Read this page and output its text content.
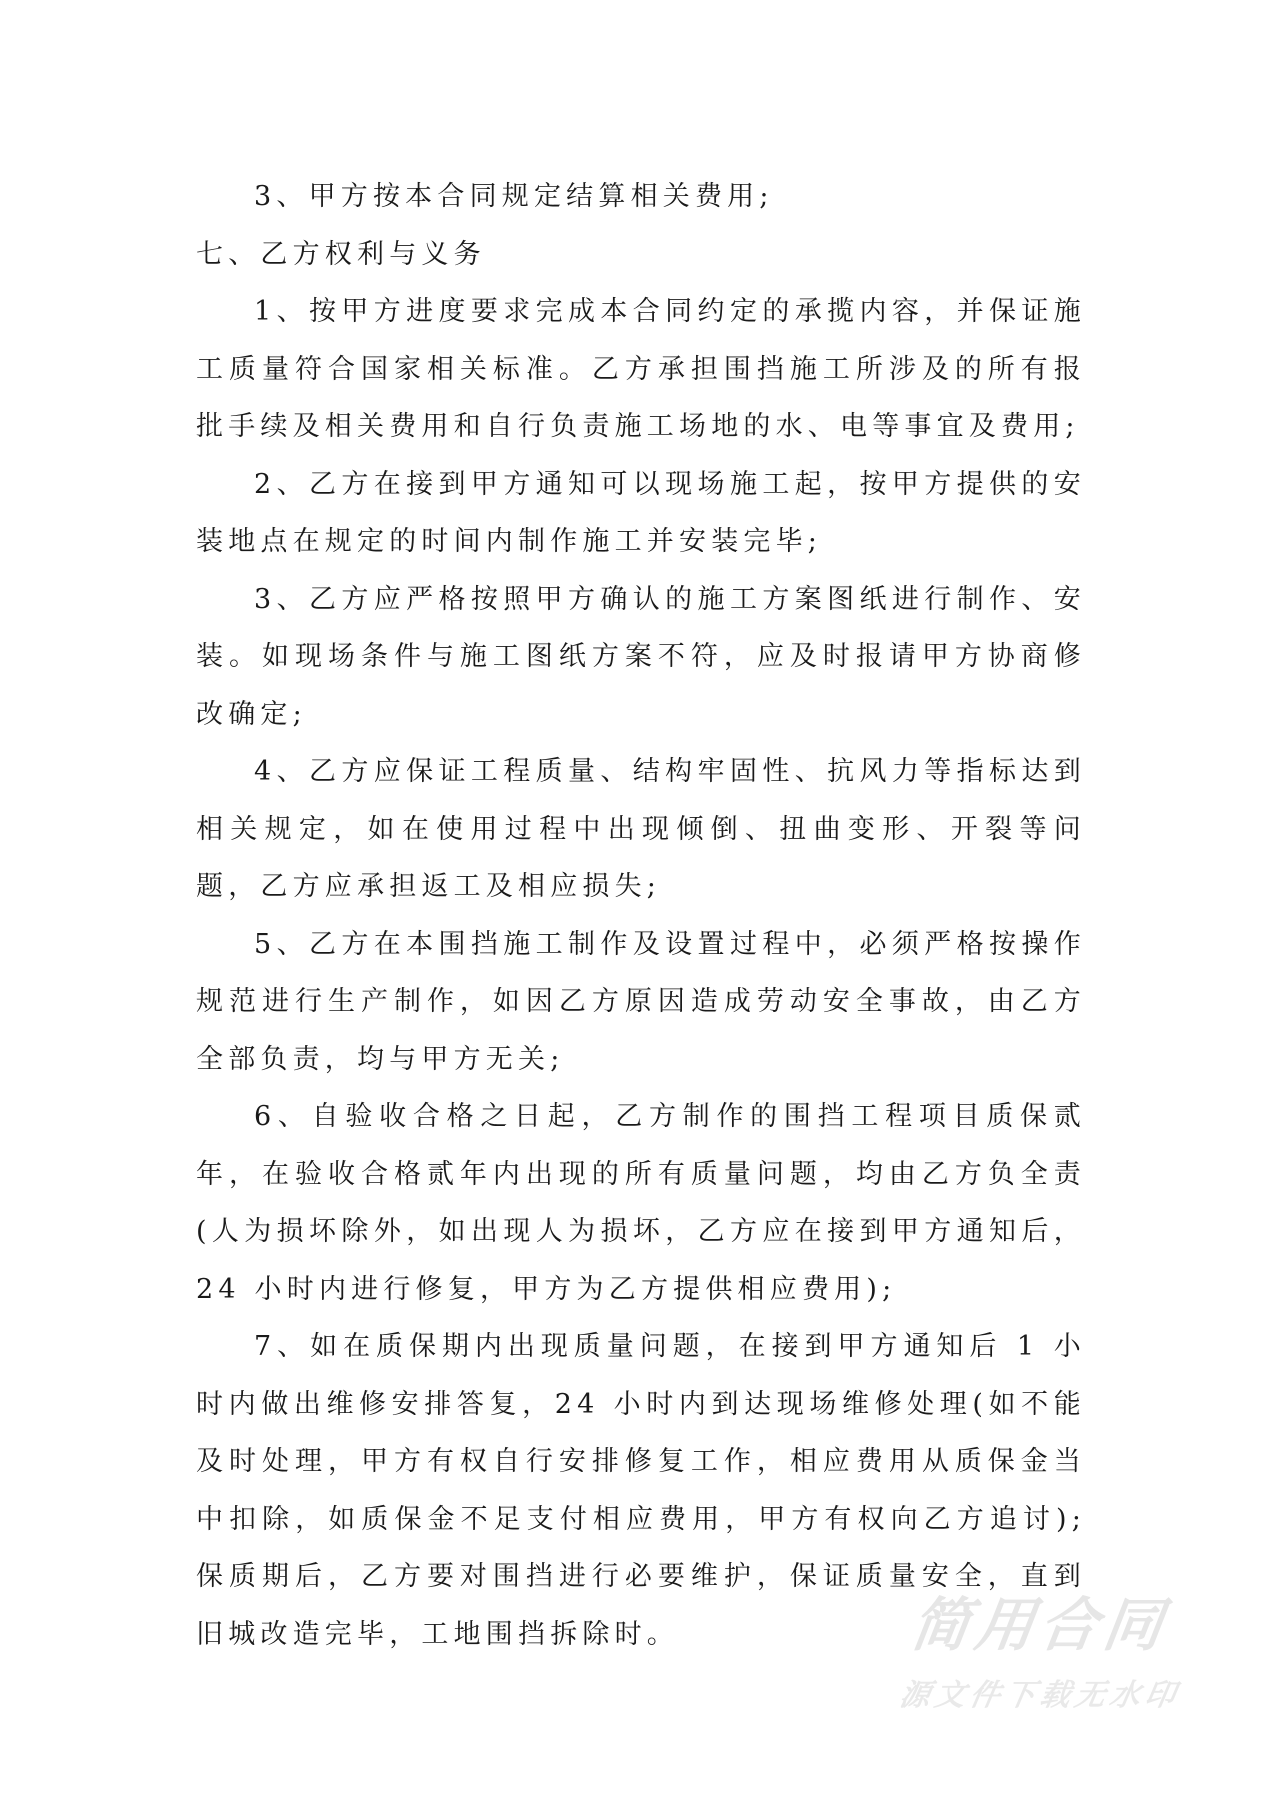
3、甲方按本合同规定结算相关费用;

七、乙方权利与义务

1、按甲方进度要求完成本合同约定的承揽内容，并保证施工质量符合国家相关标准。乙方承担围挡施工所涉及的所有报批手续及相关费用和自行负责施工场地的水、电等事宜及费用;

2、乙方在接到甲方通知可以现场施工起，按甲方提供的安装地点在规定的时间内制作施工并安装完毕;

3、乙方应严格按照甲方确认的施工方案图纸进行制作、安装。如现场条件与施工图纸方案不符，应及时报请甲方协商修改确定;

4、乙方应保证工程质量、结构牢固性、抗风力等指标达到相关规定，如在使用过程中出现倾倒、扭曲变形、开裂等问题，乙方应承担返工及相应损失;

5、乙方在本围挡施工制作及设置过程中，必须严格按操作规范进行生产制作，如因乙方原因造成劳动安全事故，由乙方全部负责，均与甲方无关;

6、自验收合格之日起，乙方制作的围挡工程项目质保贰年，在验收合格贰年内出现的所有质量问题，均由乙方负全责(人为损坏除外，如出现人为损坏，乙方应在接到甲方通知后，24 小时内进行修复，甲方为乙方提供相应费用);

7、如在质保期内出现质量问题，在接到甲方通知后 1 小时内做出维修安排答复，24 小时内到达现场维修处理(如不能及时处理，甲方有权自行安排修复工作，相应费用从质保金当中扣除，如质保金不足支付相应费用，甲方有权向乙方追讨);保质期后，乙方要对围挡进行必要维护，保证质量安全，直到旧城改造完毕，工地围挡拆除时。	简用合同
源文件下载无水印
